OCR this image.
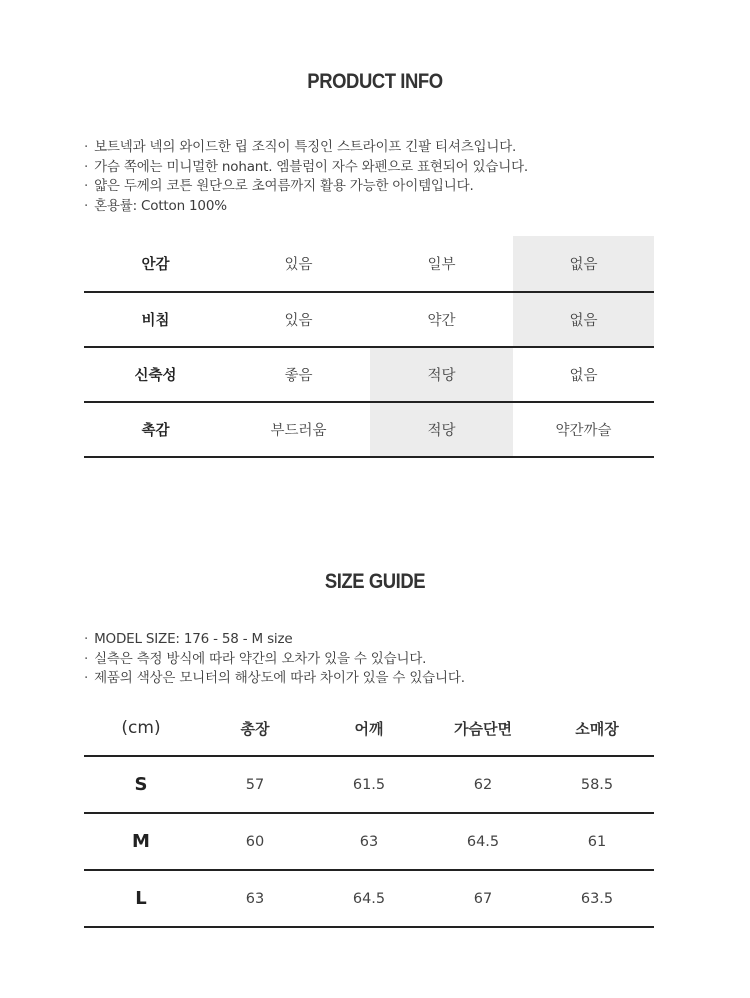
PRODUCT INFO
· 보트넥과 넥의 와이드한 립 조직이 특징인 스트라이프 긴팔 티셔츠입니다.
· 가슴 쪽에는 미니멀한 nohant. 엠블럼이 자수 와펜으로 표현되어 있습니다.
· 얇은 두께의 코튼 원단으로 초여름까지 활용 가능한 아이템입니다.
· 혼용률: Cotton 100%
안감	있음	일부	없음
비침	있음	약간	없음
신축성	좋음	적당	없음
촉감	부드러움	적당	약간까슬
SIZE GUIDE
· MODEL SIZE: 176 - 58 - M size
· 실측은 측정 방식에 따라 약간의 오차가 있을 수 있습니다.
· 제품의 색상은 모니터의 해상도에 따라 차이가 있을 수 있습니다.
(cm)	총장	어깨	가슴단면	소매장
S	57	61.5	62	58.5
M	60	63	64.5	61
L	63	64.5	67	63.5
